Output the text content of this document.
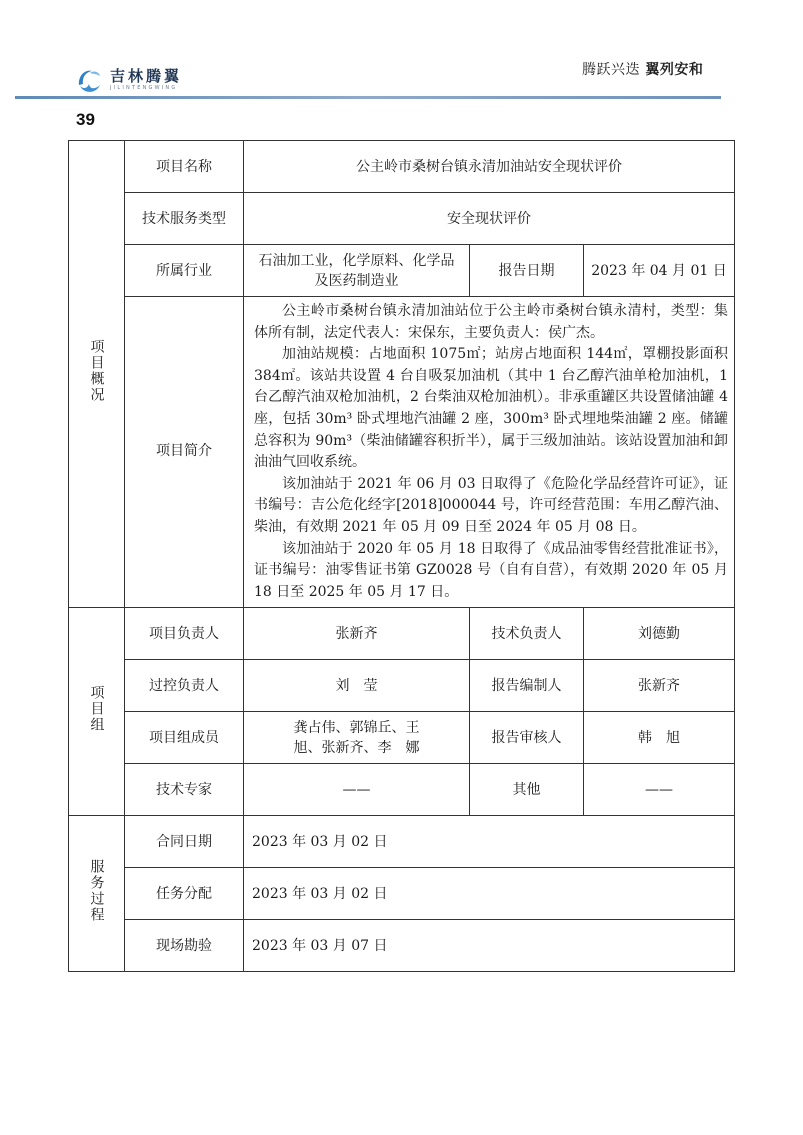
吉林腾翼
JILINTENGWING
腾跃兴迭 翼列安和
39
项目概况	项目名称	公主岭市桑树台镇永清加油站安全现状评价		
	技术服务类型	安全现状评价		
	所属行业	石油加工业，化学原料、化学品及医药制造业	报告日期	2023 年 04 月 01 日
	项目简介	公主岭市桑树台镇永清加油站位于公主岭市桑树台镇永清村，类型：集体所有制，法定代表人：宋保东，主要负责人：侯广杰。

加油站规模：占地面积 1075㎡；站房占地面积 144㎡，罩棚投影面积 384㎡。该站共设置 4 台自吸泵加油机（其中 1 台乙醇汽油单枪加油机，1 台乙醇汽油双枪加油机，2 台柴油双枪加油机）。非承重罐区共设置储油罐 4 座，包括 30m³ 卧式埋地汽油罐 2 座，300m³ 卧式埋地柴油罐 2 座。储罐总容积为 90m³（柴油储罐容积折半），属于三级加油站。该站设置加油和卸油油气回收系统。

该加油站于 2021 年 06 月 03 日取得了《危险化学品经营许可证》，证书编号：吉公危化经字[2018]000044 号，许可经营范围：车用乙醇汽油、柴油，有效期 2021 年 05 月 09 日至 2024 年 05 月 08 日。

该加油站于 2020 年 05 月 18 日取得了《成品油零售经营批准证书》，证书编号：油零售证书第 GZ0028 号（自有自营），有效期 2020 年 05 月 18 日至 2025 年 05 月 17 日。		

项目组	项目负责人	张新齐	技术负责人	刘德勤
	过控负责人	刘　莹	报告编制人	张新齐
	项目组成员	龚占伟、郭锦丘、王　旭、张新齐、李　娜	报告审核人	韩　旭
	技术专家	——	其他	——
服务过程	合同日期	2023 年 03 月 02 日		
	任务分配	2023 年 03 月 02 日		
	现场勘验	2023 年 03 月 07 日		
